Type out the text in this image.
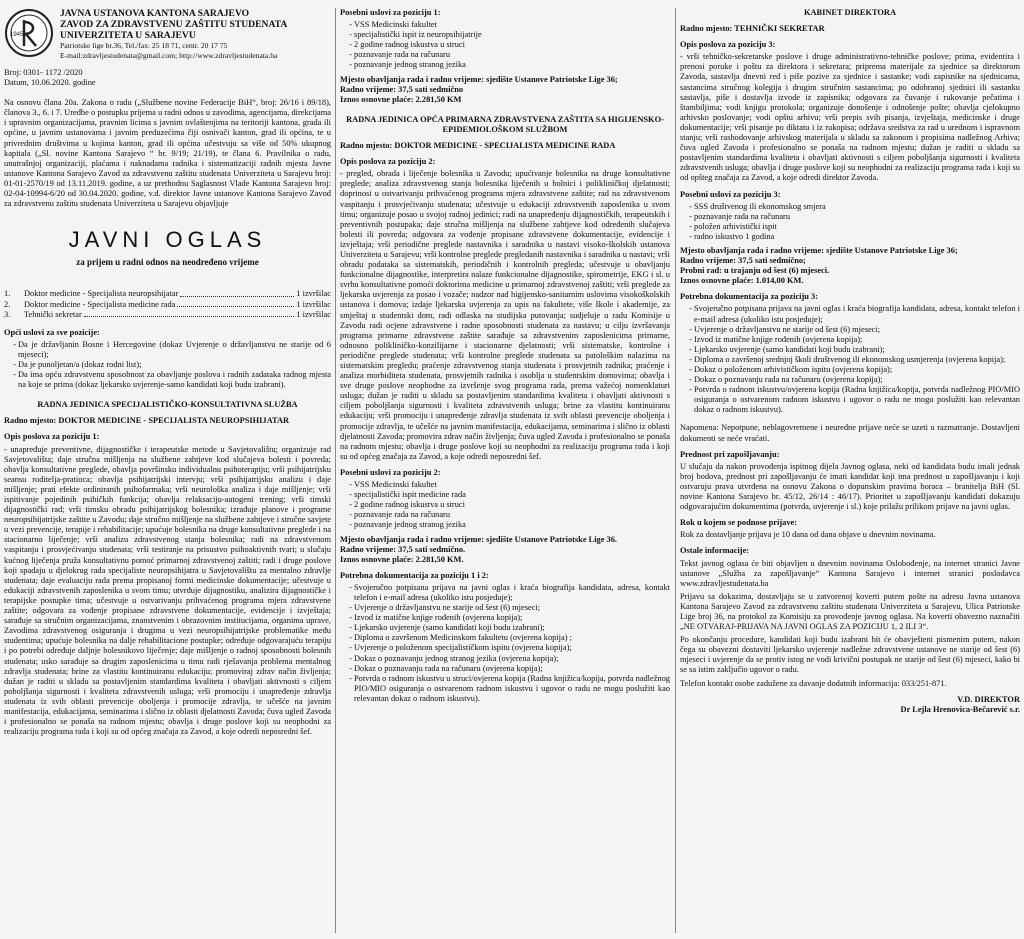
1945

JAVNA USTANOVA KANTONA SARAJEVO

ZAVOD ZA ZDRAVSTVENU ZAŠTITU STUDENATA

UNIVERZITETA U SARAJEVU

Patriotske lige br.36, Tel./fax: 25 18 71, centr. 20 17 75

E-mail:zdravljestudenata@gmail.com; http://www.zdravljestudenata.ba

Broj: 0301- 1172 /2020

Datum, 10.06.2020. godine

Na osnovu člana 20a. Zakona o radu („Službene novine Federacije BiH“, broj: 26/16 i 89/18), članova 3., 6. i 7. Uredbe o postupku prijema u radni odnos u zavodima, agencijama, direkcijama i upravnim organizacijama, pravnim licima s javnim ovlaštenjima na teritoriji kantona, grada ili općine, u javnim ustanovama i javnim preduzećima čiji osnivači kanton, grad ili općina, te u privrednim društvima u kojima kanton, grad ili općina učestvuju sa više od 50% ukupnog kapitala („Sl. novine Kantona Sarajevo “ br. 9/19; 21/19), te člana 6. Pravilnika o radu, unutrašnjoj organizaciji, plaćama i naknadama radnika i sistematizaciji radnih mjesta Javne ustanove Kantona Sarajevo Zavod za zdravstvenu zaštitu studenata Univerziteta u Sarajevu broj: 01-01-2570/19 od 13.11.2019. godine, a uz prethodnu Saglasnost Vlade Kantona Sarajevo broj: 02-04-10994-6/20 od 30.04.2020. godine, v.d. direktor Javne ustanove Kantona Sarajevo Zavod za zdravstvenu zaštitu studenata Univerziteta u Sarajevu objavljuje

JAVNI OGLAS
za prijem u radni odnos na neodređeno vrijeme
1.	Doktor medicine - Specijalista neuropsihijatar	1 izvršilac
2.	Doktor medicine - Specijalista medicine rada	1 izvršilac
3.	Tehnički sekretar	1 izvršilac
Opći uslovi za sve pozicije:
- Da je državljanin Bosne i Hercegovine (dokaz Uvjerenje o državljanstvu ne starije od 6 mjeseci);
- Da je punoljetan/a (dokaz rodni list);
- Da ima opću zdravstvenu sposobnost za obavljanje poslova i radnih zadataka radnog mjesta na koje se prima (dokaz ljekarsko uvjerenje-samo kandidati koji budu izabrani).
RADNA JEDINICA SPECIJALISTIČKO-KONSULTATIVNA SLUŽBA
Radno mjesto: DOKTOR MEDICINE - SPECIJALISTA NEUROPSIHIJATAR
Opis poslova za poziciju 1:

- unapređuje preventivne, dijagnostičke i terapeutske metode u Savjetovalištu; organizuje rad Savjetovališta; daje stručna mišljenja na službene zahtjeve kod slučajeva bolesti i povreda; obavlja konsultativne preglede, obavlja površinsku individualnu psihoterapiju; vrši psihijatrijsku seansu roditelja-pratioca; obavlja psihijatrijski intervju; vrši psihijatrijsku analizu i daje mišljenje; prati efekte ordiniranih psihofarmaka; vrši neurološka analiza i daje mišljenje; vrši ispitivanje pojedinih psihičkih funkcija; obavlja relaksaciju-autogeni trening; vrši timski dijagnostički rad; vrši timsku obradu psihijatrijskog bolesnika; izrađuje planove i programe neuropsihijatrijske zaštite u Zavodu; daje stručno mišljenje na službene zahtjeve i stručne savjete u vezi prevencije, terapije i rehabilitacije; upućuje bolesnika na druge konsultativne preglede i na stacionarno liječenje; vrši analizu zdravstvenog stanja bolesnika; radi na zdravstvenom vaspitanju i prosvjećivanju studenata; vrši testiranje na prisustvo psihoaktivnih tvari; u slučaju kućnog liječenja pruža konsultativnu pomoć primarnoj zdravstvenoj zaštiti; radi i druge poslove koji spadaju u djelokrug rada specijaliste neuropsihijatra u Savjetovalištu za mentalno zdravlje studenata; daje evaluaciju rada prema propisanoj formi medicinske dokumentacije; učestvuje u edukaciji zdravstvenih zaposlenika u svom timu; utvrđuje dijagnostiku, analizira dijagnostičke i terapijske postupke tima; učestvuje u ostvarivanju prihvaćenog programa mjera zdravstvene zaštite; odgovara za vođenje propisane zdravstvene dokumentacije, evidencije i izvještaja; sarađuje sa stručnim organizacijama, znanstvenim i obrazovnim institucijama, organima uprave, Zavodima zdravstvenog osiguranja i drugima u vezi neuropsihijatrijske problematike među studentima; upućuje bolesnika na dalje rehabilitacione postupke; određuje odgovarajuću terapiju i po potrebi određuje daljnje bolesnikovo liječenje; daje mišljenje o radnoj sposobnosti bolesnih studenata; usko sarađuje sa drugim zaposlenicima u timu radi rješavanja problema mentalnog zdravlja studenata; brine za vlastitu kontinuiranu edukaciju; promoviraj zdrav način življenja; dužan je raditi u skladu sa postavljenim standardima kvaliteta i obavljati aktivnosti s ciljem poboljšanja sigurnosti i kvaliteta zdravstvenih usluga; vrši promociju i unapređenje zdravlja studenata iz svih oblasti prevencije oboljenja i promocije zdravlja, te učešće na javnim manifestacija, edukacijama, seminarima i slično iz oblasti djelatnosti Zavoda; čuva ugled Zavoda i profesionalno se ponaša na radnom mjestu; obavlja i druge poslove koji su neophodni za realizaciju programa rada i koji su od općeg značaja za Zavod, a koje odredi neposredni šef.

Posebni uslovi za poziciju 1:
- VSS Medicinski fakultet
- specijalistički ispit iz neuropsihijatrije
- 2 godine radnog iskustva u struci
- poznavanje rada na računaru
- poznavanje jednog stranog jezika

Mjesto obavljanja rada i radno vrijeme: sjedište Ustanove Patriotske Lige 36;

Radno vrijeme: 37,5 sati sedmično

Iznos osnovne plaće: 2.281,50 KM

RADNA JEDINICA OPĆA PRIMARNA ZDRAVSTVENA ZAŠTITA SA HIGIJENSKO-EPIDEMIOLOŠKOM SLUŽBOM
Radno mjesto: DOKTOR MEDICINE - SPECIJALISTA MEDICINE RADA
Opis poslova za poziciju 2:

- pregled, obrada i liječenje bolesnika u Zavodu; upućivanje bolesnika na druge konsultativne preglede; analiza zdravstvenog stanja bolesnika liječenih u bolnici i polikliničkoj djelatnosti; doprinosi u ostvarivanju prihvaćenog programa mjera zdravstvene zaštite; rad na zdravstvenom vaspitanju i prosvjećivanju studenata; učestvuje u edukaciji zdravstvenih zaposlenika u svom timu; organizuje posao u svojoj radnoj jedinici; radi na unapređenju dijagnostičkih, terapeutskih i preventivnih postupaka; daje stručna mišljenja na službene zahtjeve kod određenih slučajeva bolesti ili povreda; odgovara za vođenje propisane zdravstvene dokumentacije, evidencije i izvještaja; vrši periodične preglede nastavnika i saradnika u nastavi visoko-školskih ustanova Univerziteta u Sarajevu; vrši kontrolne preglede pregledanih nastavnika i saradnika u nastavi; vrši obradu podataka sa sistematskih, periodičnih i kontrolnih pregleda; učestvuje u obavljanju funkcionalne dijagnostike, interpretira nalaze funkcionalne dijagnostike, spirometrije, EKG i sl. u svrhu konsultativne pomoći doktorima medicine u primarnoj zdravstvenoj zaštiti; vrši preglede za ljekarska uvjerenja za posao i vozače; nadzor nad higijensko-sanitarnim uslovima visokoškolskih ustanova i domova; izdaje ljekarska uvjerenja za upis na fakultete, više škole i akademije, za smještaj u studentski dom, radi odlaska na studijska putovanja; sudjeluje u radu Komisije u Zavodu radi ocjene zdravstvene i radne sposobnosti studenata za nastavu; u cilju izvršavanja programa primarne zdravstvene zaštite sarađuje sa zdravstvenim zaposlenicima primarne, odnosno polikliničko-konzilijarne i stacionarne djelatnosti; vrši sistematske, kontrolne i periodične preglede studenata; vrši kontrolne preglede studenata sa patološkim nalazima na sistematskim pregledu; praćenje zdravstvenog stanja studenata i prosvjetnih radnika; praćenje i analiza morbiditeta studenata, prosvjetnih radnika i osoblja u studentskim domovima; obavlja i sve druge poslove neophodne za izvršenje svog programa rada, prema važećoj nomenklaturi usluga; dužan je raditi u skladu sa postavljenim standardima kvaliteta i obavljati aktivnosti s ciljem poboljšanja sigurnosti i kvaliteta zdravstvenih usluga; brine za vlastitu kontinuiranu edukaciju; vrši promociju i unapređenje zdravlja studenata iz svih oblasti prevencije oboljenja i promocije zdravlja, te učešće na javnim manifestacija, edukacijama, seminarima i slično iz oblasti djelatnosti Zavoda; promovira zdrav način življenja; čuva ugled Zavoda i profesionalno se ponaša na radnom mjestu; obavlja i druge poslove koji su neophodni za realizaciju programa rada i koji su od općeg značaja za Zavod, a koje odredi neposredni šef.

Posebni uslovi za poziciju 2:
- VSS Medicinski fakultet
- specijalistički ispit medicine rada
- 2 godine radnog iskustva u struci
- poznavanje rada na računaru
- poznavanje jednog stranog jezika

Mjesto obavljanja rada i radno vrijeme: sjedište Ustanove Patriotske Lige 36.

Radno vrijeme: 37,5 sati sedmično.

Iznos osnovne plaće: 2.281,50 KM.

Potrebna dokumentacija za poziciju 1 i 2:
- Svojeručno potpisana prijava na javni oglas i kraća biografija kandidata, adresa, kontakt telefon i e-mail adresa (ukoliko istu posjeduje);
- Uvjerenje o državljanstvu ne starije od šest (6) mjeseci;
- Izvod iz matične knjige rođenih (ovjerena kopija);
- Ljekarsko uvjerenje (samo kandidati koji budu izabrani);
- Diploma o završenom Medicinskom fakultetu (ovjerena kopija) ;
- Uvjerenje o položenom specijalističkom ispitu (ovjerena kopija);
- Dokaz o poznavanju jednog stranog jezika (ovjerena kopija);
- Dokaz o poznavanju rada na računaru (ovjerena kopija);
- Potvrda o radnom iskustvu u struci/ovjerena kopija (Radna knjižica/kopija, potvrda nadležnog PIO/MIO osiguranja o ostvarenom radnom iskustvu i ugovor o radu ne mogu poslužiti kao relevantan dokaz o radnom iskustvu).
KABINET DIREKTORA
Radno mjesto: TEHNIČKI SEKRETAR
Opis poslova za poziciju 3:

- vrši tehničko-sekretarske poslove i druge administrativno-tehničke poslove; prima, evidentira i prenosi poruke i poštu za direktora i sekretara; priprema materijale za sjednice sa direktorom Zavoda, sastavlja dnevni red i piše pozive za sjednice i sastanke; vodi zapisnike na sjednicama, sastancima stručnog kolegija i drugim stručnim sastancima; po odobranoj sjednici ili sastanku sastavlja, piše i dostavlja izvode iz zapisnika; odgovara za čuvanje i rukovanje pečatima i štambiljima; vodi knjigu protokola; organizuje donošenje i odnošenje pošte; obavlja cjelokupno arhivsko poslovanje; vodi opštu arhivu; vrši prepis svih pisanja, izvještaja, medicinske i druge dokumentacije; vrši pisanje po diktatu i iz rukopisa; održava sredstva za rad u urednom i ispravnom stanju; vrši rashodovanje arhivskog materijala u skladu sa zakonom i propisima nadležnog Arhiva; čuva ugled Zavoda i profesionalno se ponaša na radnom mjestu; dužan je raditi u skladu sa postavljenim standardima kvaliteta i obavljati aktivnosti s ciljem poboljšanja sigurnosti i kvaliteta zdravstvenih usluga; obavlja i druge poslove koji su neophodni za realizaciju programa rada i koji su od opšteg značaja za Zavod, a koje odredi direktor Zavoda.

Posebni uslovi za poziciju 3:
- SSS društvenog ili ekonomskog smjera
- poznavanje rada na računaru
- položen arhivistički ispit
- radno iskustvo 1 godina

Mjesto obavljanja rada i radno vrijeme: sjedište Ustanove Patriotske Lige 36;

Radno vrijeme: 37,5 sati sedmično;

Probni rad: u trajanju od šest (6) mjeseci.

Iznos osnovne plaće: 1.014,00 KM.

Potrebna dokumentacija za poziciju 3:
- Svojeručno potpisana prijava na javni oglas i kraća biografija kandidata, adresa, kontakt telefon i e-mail adresa (ukoliko istu posjeduje);
- Uvjerenje o državljanstvu ne starije od šest (6) mjeseci;
- Izvod iz matične knjige rođenih (ovjerena kopija);
- Ljekarsko uvjerenje (samo kandidati koji budu izabrani);
- Diploma o završenoj srednjoj školi društvenog ili ekonomskog usmjerenja (ovjerena kopija);
- Dokaz o položenom arhivističkom ispitu (ovjerena kopija);
- Dokaz o poznavanju rada na računaru (ovjerena kopija);
- Potvrda o radnom iskustvu/ovjerena kopija (Radna knjižica/kopija, potvrda nadležnog PIO/MIO osiguranja o ostvarenom radnom iskustvu i ugovor o radu ne mogu poslužiti kao relevantan dokaz o radnom iskustvu).

Napomena: Nepotpune, neblagovremene i neuredne prijave neće se uzeti u razmatranje. Dostavljeni dokumenti se neće vraćati.

Prednost pri zapošljavanju:

U slučaju da nakon provođenja ispitnog dijela Javnog oglasa, neki od kandidata budu imali jednak broj bodova, prednost pri zapošljavanju će imati kandidat koji ima prednost u zapošljavanju i koji ostvaruju prava utvrđena na osnovu Zakona o dopunskim pravima boraca – branitelja BiH (Sl. novine Kantona Sarajevo br. 45/12, 26/14 : 46/17). Prioritet u zapošljavanju kandidati dokazuju odgovarajućim dokumentima (potvrda, uvjerenje i sl.) koje prilažu prilikom prijave na javni oglas.

Rok u kojem se podnose prijave:

Rok za dostavljanje prijava je 10 dana od dana objave u dnevnim novinama.

Ostale informacije:

Tekst javnog oglasa će biti objavljen u dnevnim novinama Oslobođenje, na internet stranici Javne ustanove „Služba za zapošljavanje“ Kantona Sarajevo i internet stranici poslodavca www.zdravljestudenata.ba

Prijavu sa dokazima, dostavljaju se u zatvorenoj koverti putem pošte na adresu Javna ustanova Kantona Sarajevo Zavod za zdravstvenu zaštitu studenata Univerziteta u Sarajevu, Ulica Patriotske Lige broj 36, na protokol za Komisiju za provođenje javnog oglasa. Na koverti obavezno naznačiti „NE OTVARAJ-PRIJAVA NA JAVNI OGLAS ZA POZICIJU 1, 2 ILI 3“.

Po okončanju procedure, kandidati koji budu izabrani bit će obavješteni pismenim putem, nakon čega su obavezni dostaviti ljekarsko uvjerenje nadležne zdravstvene ustanove ne starije od šest (6) mjeseci i uvjerenje da se protiv istog ne vodi krivični postupak ne starije od šest (6) mjeseci, kako bi se sa istim zaključio ugovor o radu.

Telefon kontakt osobe zadužene za davanje dodatnih informacija: 033/251-871.

V.D. DIREKTOR
Dr Lejla Hrenovica-Bečarević s.r.
